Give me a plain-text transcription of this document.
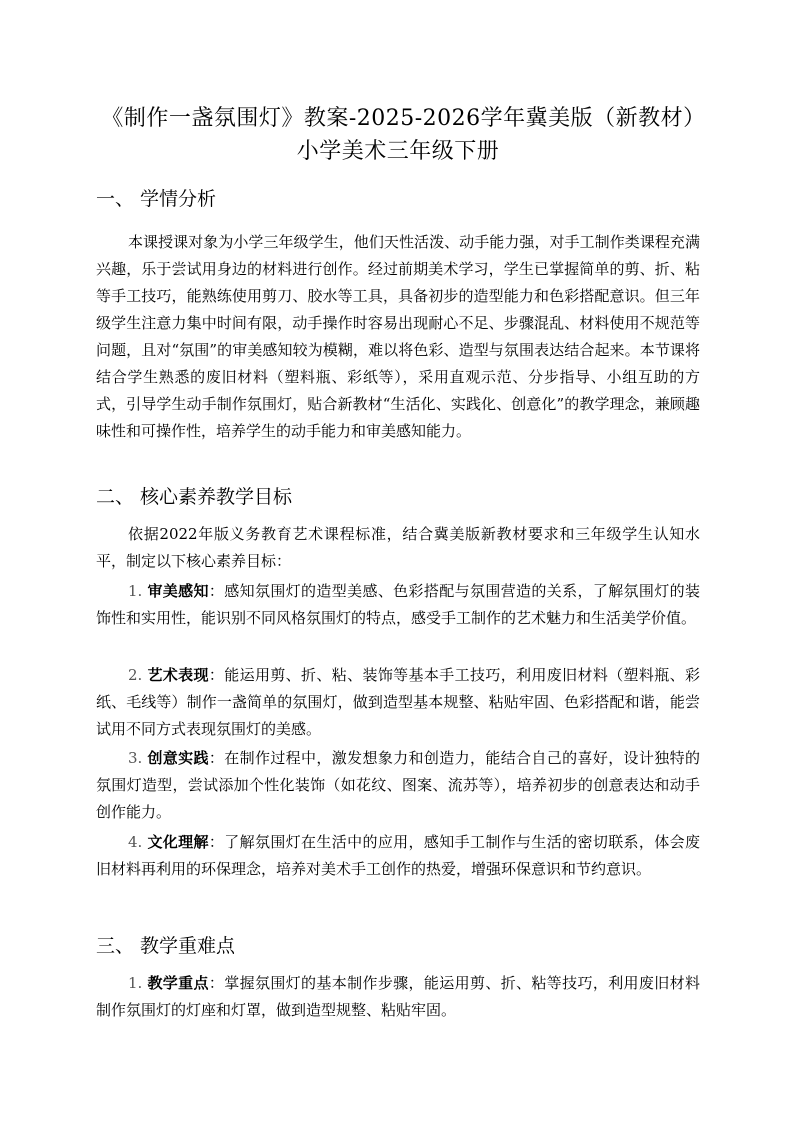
《制作一盏氛围灯》教案-2025-2026学年冀美版（新教材）小学美术三年级下册
一、 学情分析

本课授课对象为小学三年级学生，他们天性活泼、动手能力强，对手工制作类课程充满兴趣，乐于尝试用身边的材料进行创作。经过前期美术学习，学生已掌握简单的剪、折、粘等手工技巧，能熟练使用剪刀、胶水等工具，具备初步的造型能力和色彩搭配意识。但三年级学生注意力集中时间有限，动手操作时容易出现耐心不足、步骤混乱、材料使用不规范等问题，且对“氛围”的审美感知较为模糊，难以将色彩、造型与氛围表达结合起来。本节课将结合学生熟悉的废旧材料（塑料瓶、彩纸等），采用直观示范、分步指导、小组互助的方式，引导学生动手制作氛围灯，贴合新教材“生活化、实践化、创意化”的教学理念，兼顾趣味性和可操作性，培养学生的动手能力和审美感知能力。

二、 核心素养教学目标

依据2022年版义务教育艺术课程标准，结合冀美版新教材要求和三年级学生认知水平，制定以下核心素养目标：

1. 审美感知：感知氛围灯的造型美感、色彩搭配与氛围营造的关系，了解氛围灯的装饰性和实用性，能识别不同风格氛围灯的特点，感受手工制作的艺术魅力和生活美学价值。

2. 艺术表现：能运用剪、折、粘、装饰等基本手工技巧，利用废旧材料（塑料瓶、彩纸、毛线等）制作一盏简单的氛围灯，做到造型基本规整、粘贴牢固、色彩搭配和谐，能尝试用不同方式表现氛围灯的美感。

3. 创意实践：在制作过程中，激发想象力和创造力，能结合自己的喜好，设计独特的氛围灯造型，尝试添加个性化装饰（如花纹、图案、流苏等），培养初步的创意表达和动手创作能力。

4. 文化理解：了解氛围灯在生活中的应用，感知手工制作与生活的密切联系，体会废旧材料再利用的环保理念，培养对美术手工创作的热爱，增强环保意识和节约意识。

三、 教学重难点

1. 教学重点：掌握氛围灯的基本制作步骤，能运用剪、折、粘等技巧，利用废旧材料制作氛围灯的灯座和灯罩，做到造型规整、粘贴牢固。
